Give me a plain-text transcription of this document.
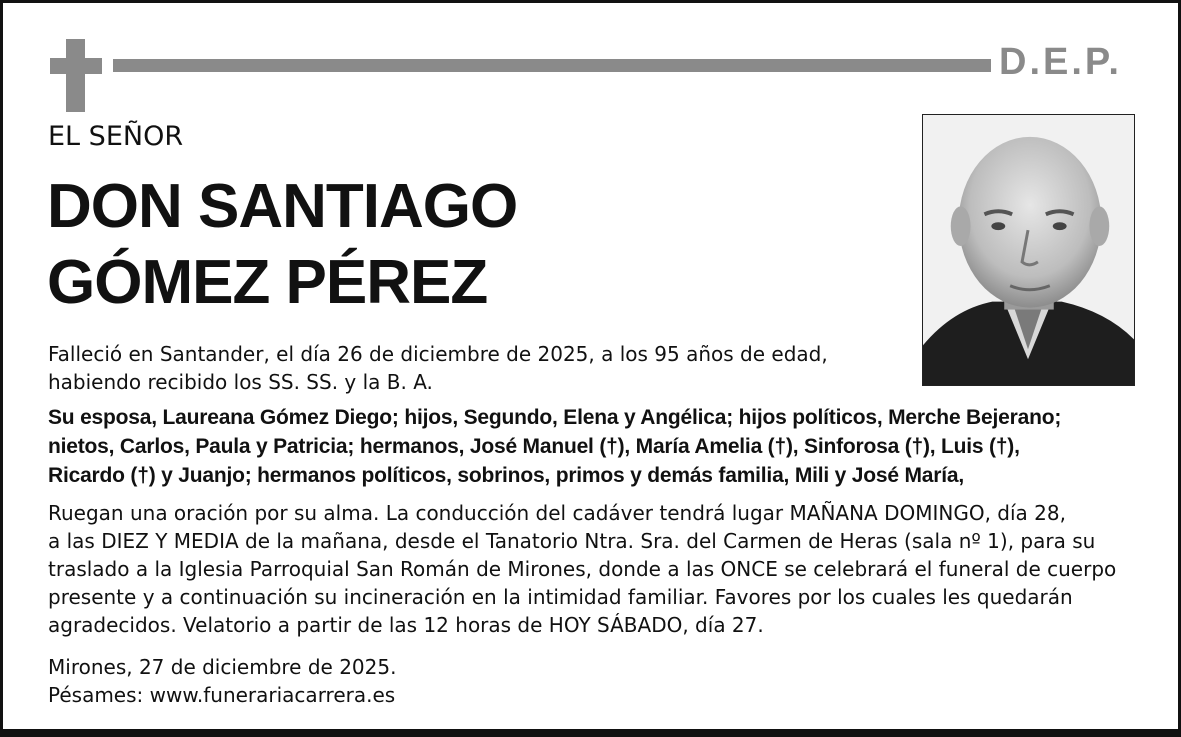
D.E.P.
EL SEÑOR
DON SANTIAGO
GÓMEZ PÉREZ
Falleció en Santander, el día 26 de diciembre de 2025, a los 95 años de edad,
habiendo recibido los SS. SS. y la B. A.
Su esposa, Laureana Gómez Diego; hijos, Segundo, Elena y Angélica; hijos políticos, Merche Bejerano;
nietos, Carlos, Paula y Patricia; hermanos, José Manuel (†), María Amelia (†), Sinforosa (†), Luis (†),
Ricardo (†) y Juanjo; hermanos políticos, sobrinos, primos y demás familia, Mili y José María,
Ruegan una oración por su alma. La conducción del cadáver tendrá lugar MAÑANA DOMINGO, día 28,
a las DIEZ Y MEDIA de la mañana, desde el Tanatorio Ntra. Sra. del Carmen de Heras (sala nº 1), para su
traslado a la Iglesia Parroquial San Román de Mirones, donde a las ONCE se celebrará el funeral de cuerpo
presente y a continuación su incineración en la intimidad familiar. Favores por los cuales les quedarán
agradecidos. Velatorio a partir de las 12 horas de HOY SÁBADO, día 27.
Mirones, 27 de diciembre de 2025.
Pésames: www.funerariacarrera.es
